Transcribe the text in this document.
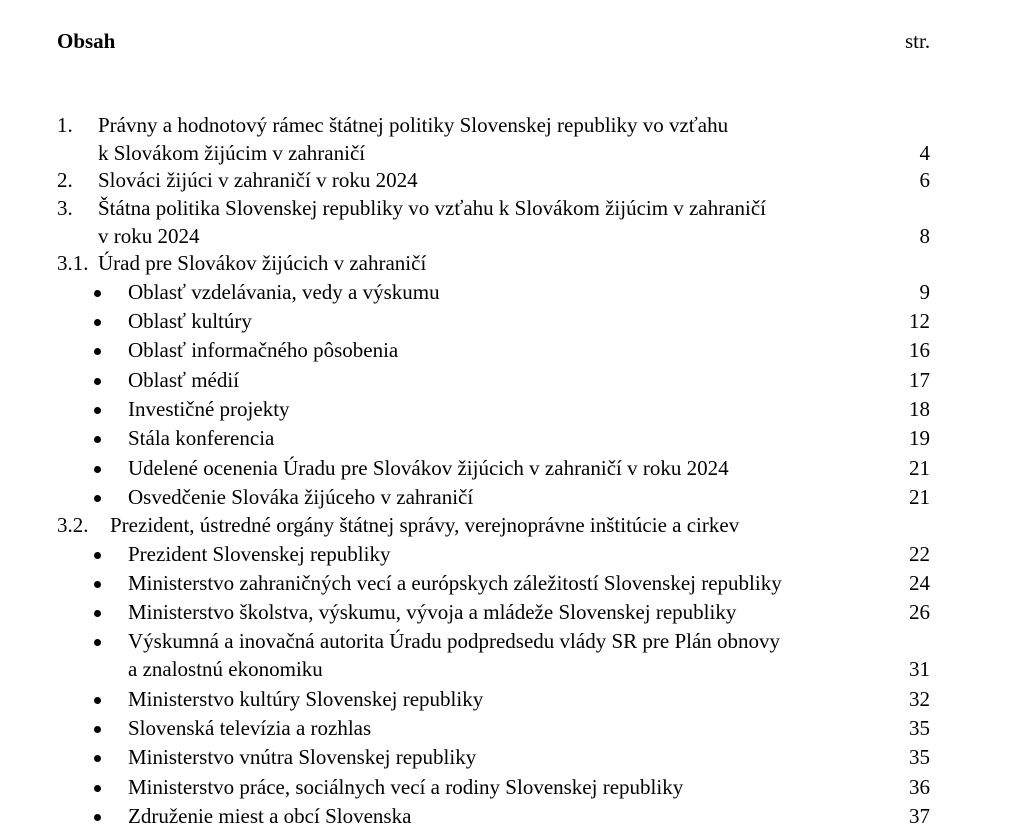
Obsah	str.
1. Právny a hodnotový rámec štátnej politiky Slovenskej republiky vo vzťahu
k Slovákom žijúcim v zahraničí	4
2. Slováci žijúci v zahraničí v roku 2024	6
3. Štátna politika Slovenskej republiky vo vzťahu k Slovákom žijúcim v zahraničí
v roku 2024	8
3.1. Úrad pre Slovákov žijúcich v zahraničí
Oblasť vzdelávania, vedy a výskumu	9
Oblasť kultúry	12
Oblasť informačného pôsobenia	16
Oblasť médií	17
Investičné projekty	18
Stála konferencia	19
Udelené ocenenia Úradu pre Slovákov žijúcich v zahraničí v roku 2024	21
Osvedčenie Slováka žijúceho v zahraničí	21
3.2. Prezident, ústredné orgány štátnej správy, verejnoprávne inštitúcie a cirkev
Prezident Slovenskej republiky	22
Ministerstvo zahraničných vecí a európskych záležitostí Slovenskej republiky	24
Ministerstvo školstva, výskumu, vývoja a mládeže Slovenskej republiky	26
Výskumná a inovačná autorita Úradu podpredsedu vlády SR pre Plán obnovy
a znalostnú ekonomiku	31
Ministerstvo kultúry Slovenskej republiky	32
Slovenská televízia a rozhlas	35
Ministerstvo vnútra Slovenskej republiky	35
Ministerstvo práce, sociálnych vecí a rodiny Slovenskej republiky	36
Združenie miest a obcí Slovenska	37
